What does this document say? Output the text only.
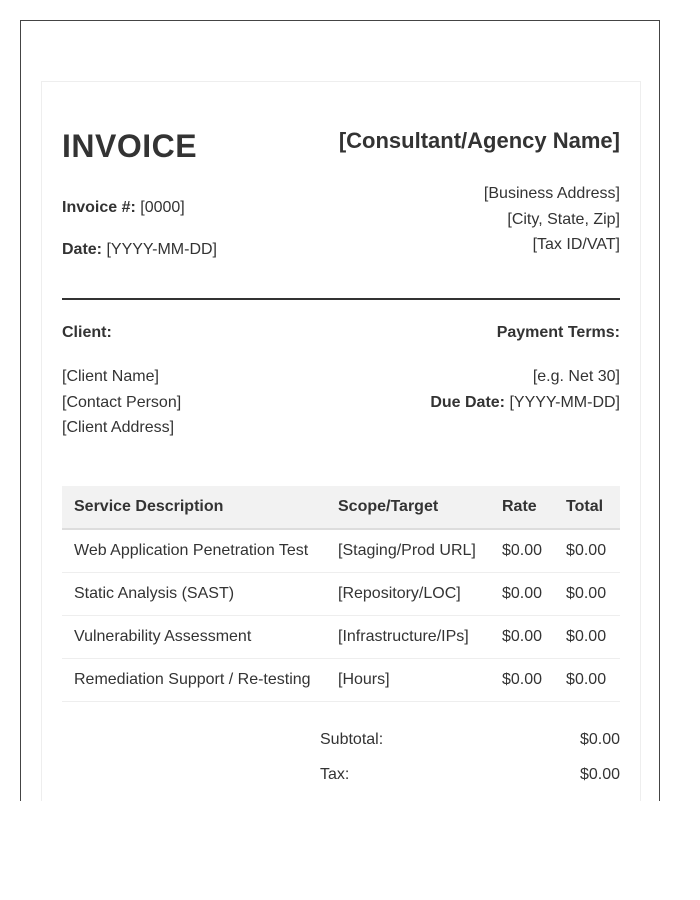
INVOICE	[Consultant/Agency Name]
Invoice #: [0000]
Date: [YYYY-MM-DD]
[Business Address]
[City, State, Zip]
[Tax ID/VAT]
Client:	Payment Terms:
[Client Name]
[Contact Person]
[Client Address]
[e.g. Net 30]
Due Date: [YYYY-MM-DD]
Service Description	Scope/Target	Rate	Total
Web Application Penetration Test	[Staging/Prod URL]	$0.00	$0.00
Static Analysis (SAST)	[Repository/LOC]	$0.00	$0.00
Vulnerability Assessment	[Infrastructure/IPs]	$0.00	$0.00
Remediation Support / Re-testing	[Hours]	$0.00	$0.00
Subtotal:	$0.00
Tax:	$0.00
